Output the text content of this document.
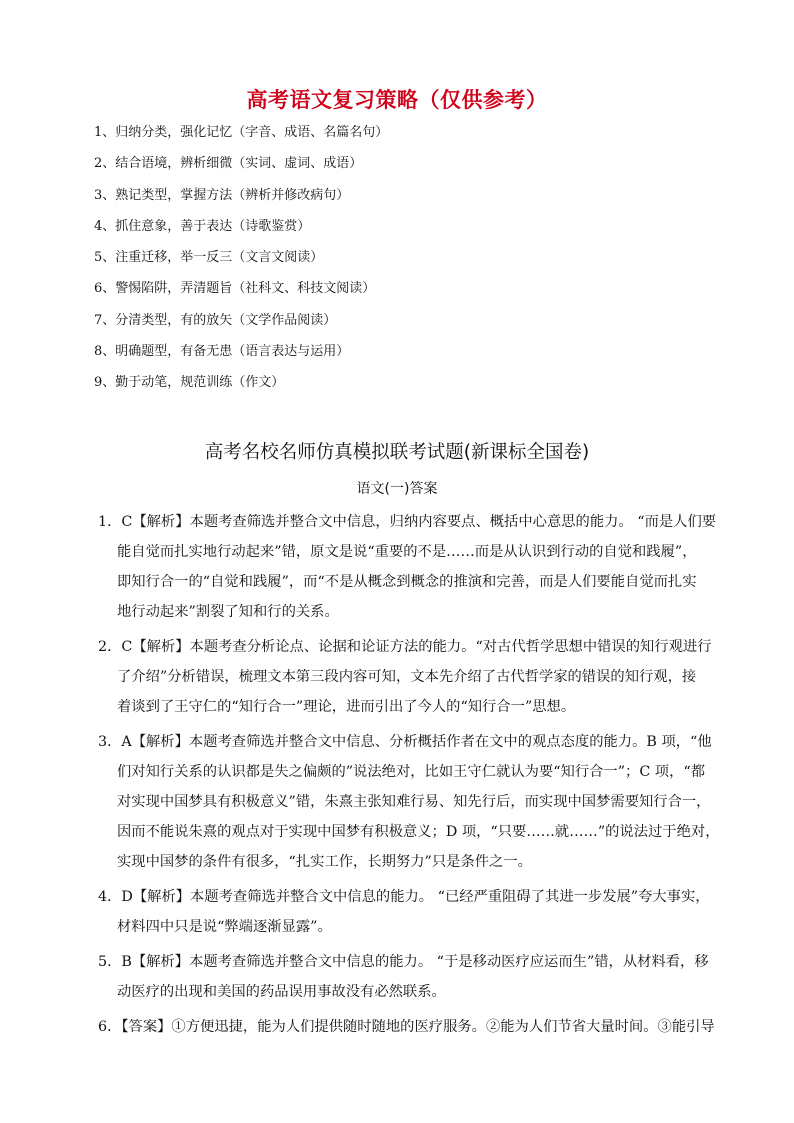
高考语文复习策略（仅供参考）
1、归纳分类，强化记忆（字音、成语、名篇名句）
2、结合语境，辨析细微（实词、虚词、成语）
3、熟记类型，掌握方法（辨析并修改病句）
4、抓住意象，善于表达（诗歌鉴赏）
5、注重迁移，举一反三（文言文阅读）
6、警惕陷阱，弄清题旨（社科文、科技文阅读）
7、分清类型，有的放矢（文学作品阅读）
8、明确题型，有备无患（语言表达与运用）
9、勤于动笔，规范训练（作文）
高考名校名师仿真模拟联考试题(新课标全国卷)
语文(一)答案
1．C【解析】本题考查筛选并整合文中信息，归纳内容要点、概括中心意思的能力。 “而是人们要
能自觉而扎实地行动起来”错，原文是说“重要的不是……而是从认识到行动的自觉和践履”，
即知行合一的“自觉和践履”，而“不是从概念到概念的推演和完善，而是人们要能自觉而扎实
地行动起来”割裂了知和行的关系。
2．C【解析】本题考查分析论点、论据和论证方法的能力。“对古代哲学思想中错误的知行观进行
了介绍”分析错误，梳理文本第三段内容可知，文本先介绍了古代哲学家的错误的知行观，接
着谈到了王守仁的“知行合一”理论，进而引出了今人的“知行合一”思想。
3．A【解析】本题考查筛选并整合文中信息、分析概括作者在文中的观点态度的能力。B 项，“他
们对知行关系的认识都是失之偏颇的”说法绝对，比如王守仁就认为要“知行合一”；C 项，“都
对实现中国梦具有积极意义”错，朱熹主张知难行易、知先行后，而实现中国梦需要知行合一，
因而不能说朱熹的观点对于实现中国梦有积极意义；D 项，“只要……就……”的说法过于绝对，
实现中国梦的条件有很多，“扎实工作，长期努力”只是条件之一。
4．D【解析】本题考查筛选并整合文中信息的能力。 “已经严重阻碍了其进一步发展”夸大事实，
材料四中只是说“弊端逐渐显露”。
5．B【解析】本题考查筛选并整合文中信息的能力。 “于是移动医疗应运而生”错，从材料看，移
动医疗的出现和美国的药品误用事故没有必然联系。
6．【答案】①方便迅捷，能为人们提供随时随地的医疗服务。②能为人们节省大量时间。③能引导
